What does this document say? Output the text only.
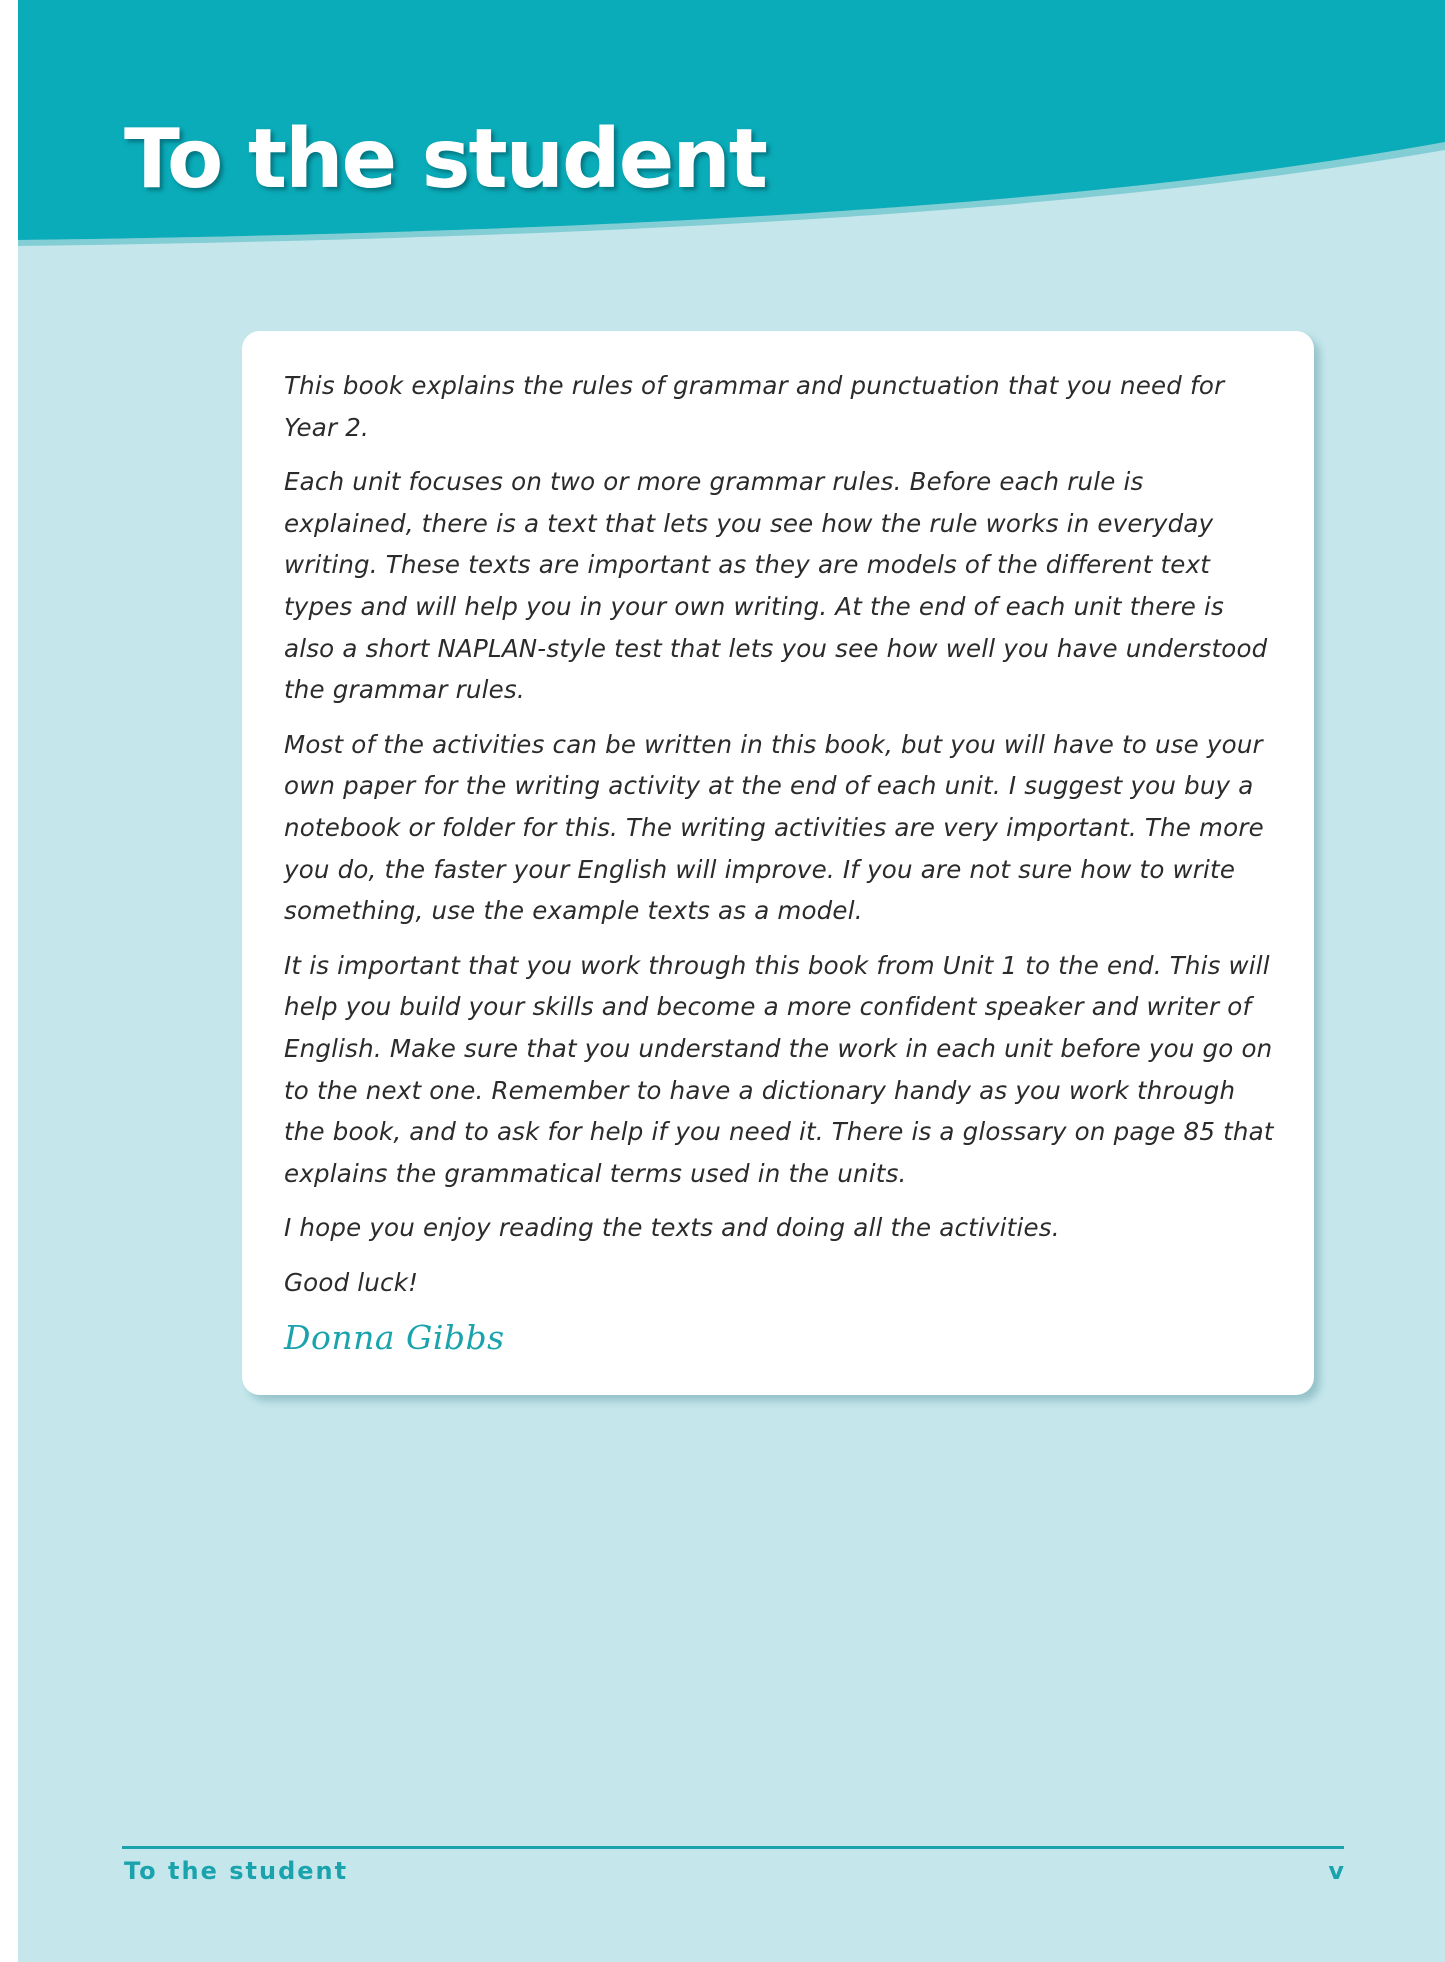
To the student

This book explains the rules of grammar and punctuation that you need for Year 2.

Each unit focuses on two or more grammar rules. Before each rule is explained, there is a text that lets you see how the rule works in everyday writing. These texts are important as they are models of the different text types and will help you in your own writing. At the end of each unit there is also a short NAPLAN-style test that lets you see how well you have understood the grammar rules.

Most of the activities can be written in this book, but you will have to use your own paper for the writing activity at the end of each unit. I suggest you buy a notebook or folder for this. The writing activities are very important. The more you do, the faster your English will improve. If you are not sure how to write something, use the example texts as a model.

It is important that you work through this book from Unit 1 to the end. This will help you build your skills and become a more confident speaker and writer of English. Make sure that you understand the work in each unit before you go on to the next one. Remember to have a dictionary handy as you work through the book, and to ask for help if you need it. There is a glossary on page 85 that explains the grammatical terms used in the units.

I hope you enjoy reading the texts and doing all the activities.

Good luck!

Donna Gibbs
To the student	v
